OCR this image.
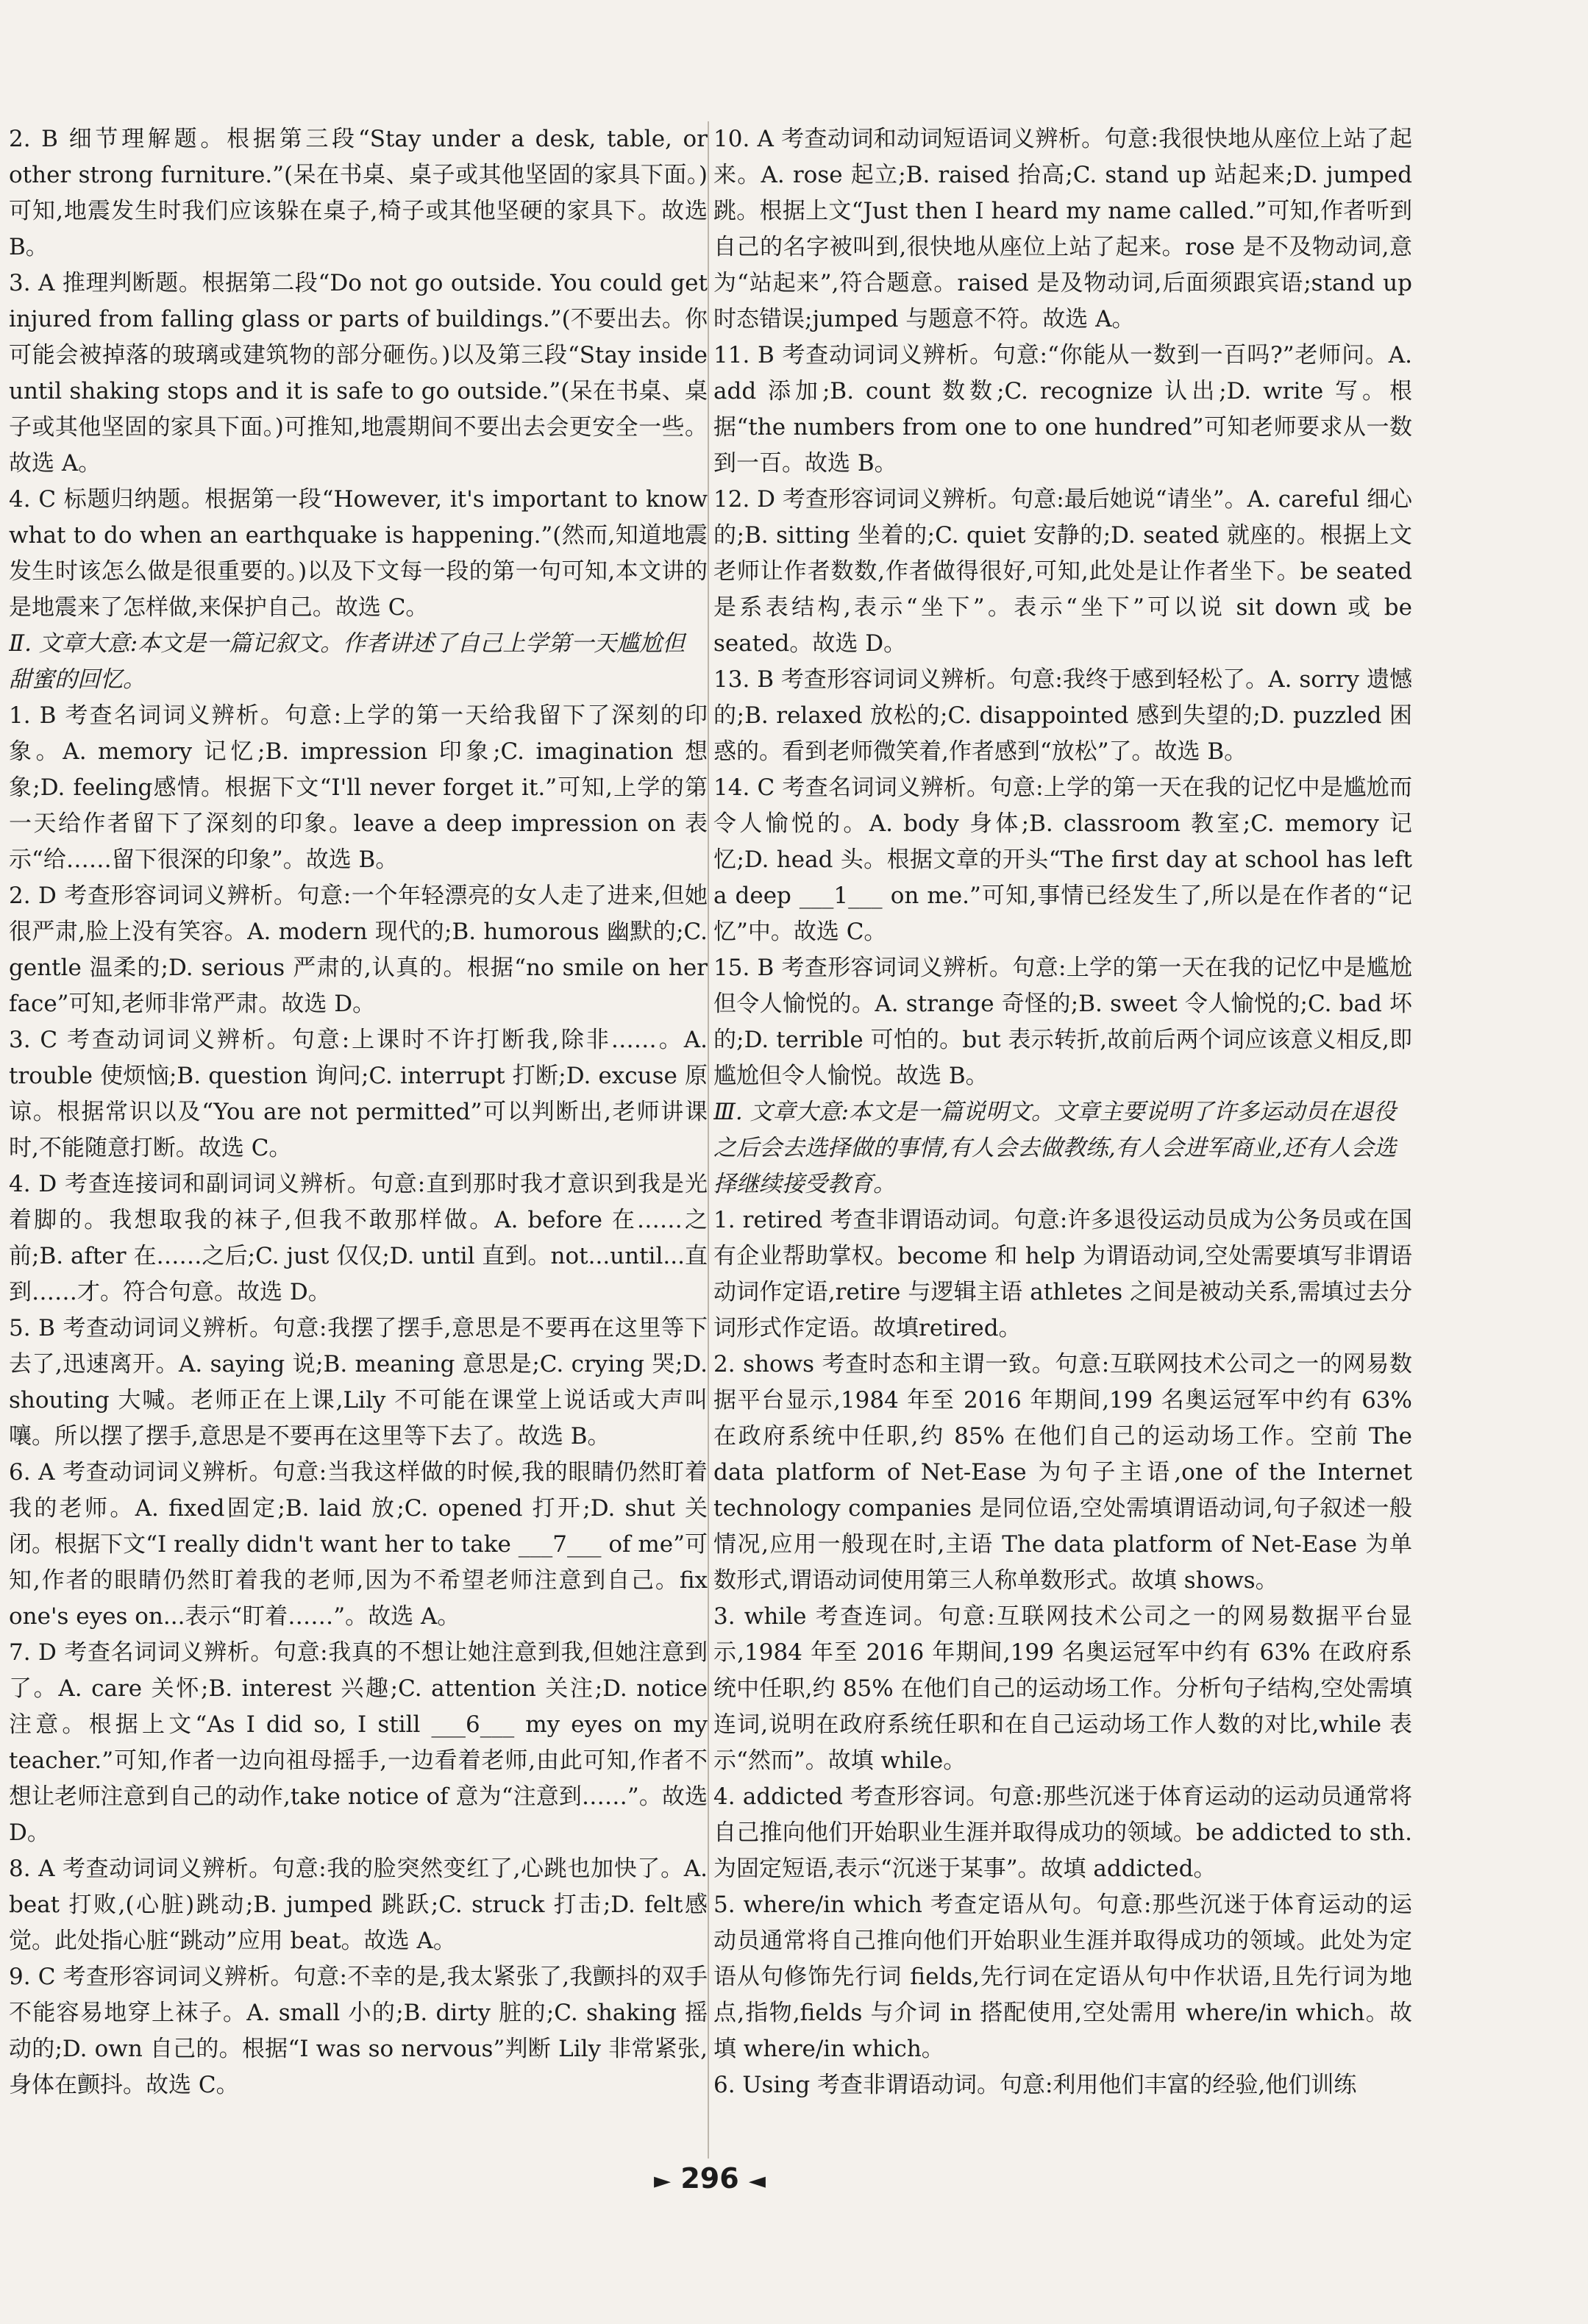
2. B 细节理解题。根据第三段“Stay under a desk, table, or other strong furniture.”(呆在书桌、桌子或其他坚固的家具下面。)可知,地震发生时我们应该躲在桌子,椅子或其他坚硬的家具下。故选 B。

3. A 推理判断题。根据第二段“Do not go outside. You could get injured from falling glass or parts of buildings.”(不要出去。你可能会被掉落的玻璃或建筑物的部分砸伤。)以及第三段“Stay inside until shaking stops and it is safe to go outside.”(呆在书桌、桌子或其他坚固的家具下面。)可推知,地震期间不要出去会更安全一些。故选 A。

4. C 标题归纳题。根据第一段“However, it's important to know what to do when an earthquake is happening.”(然而,知道地震发生时该怎么做是很重要的。)以及下文每一段的第一句可知,本文讲的是地震来了怎样做,来保护自己。故选 C。

Ⅱ. 文章大意:本文是一篇记叙文。作者讲述了自己上学第一天尴尬但甜蜜的回忆。

1. B 考查名词词义辨析。句意:上学的第一天给我留下了深刻的印象。A. memory 记忆;B. impression 印象;C. imagination 想象;D. feeling感情。根据下文“I'll never forget it.”可知,上学的第一天给作者留下了深刻的印象。leave a deep impression on 表示“给……留下很深的印象”。故选 B。

2. D 考查形容词词义辨析。句意:一个年轻漂亮的女人走了进来,但她很严肃,脸上没有笑容。A. modern 现代的;B. humorous 幽默的;C. gentle 温柔的;D. serious 严肃的,认真的。根据“no smile on her face”可知,老师非常严肃。故选 D。

3. C 考查动词词义辨析。句意:上课时不许打断我,除非……。A. trouble 使烦恼;B. question 询问;C. interrupt 打断;D. excuse 原谅。根据常识以及“You are not permitted”可以判断出,老师讲课时,不能随意打断。故选 C。

4. D 考查连接词和副词词义辨析。句意:直到那时我才意识到我是光着脚的。我想取我的袜子,但我不敢那样做。A. before 在……之前;B. after 在……之后;C. just 仅仅;D. until 直到。not...until...直到……才。符合句意。故选 D。

5. B 考查动词词义辨析。句意:我摆了摆手,意思是不要再在这里等下去了,迅速离开。A. saying 说;B. meaning 意思是;C. crying 哭;D. shouting 大喊。老师正在上课,Lily 不可能在课堂上说话或大声叫嚷。所以摆了摆手,意思是不要再在这里等下去了。故选 B。

6. A 考查动词词义辨析。句意:当我这样做的时候,我的眼睛仍然盯着我的老师。A. fixed固定;B. laid 放;C. opened 打开;D. shut 关闭。根据下文“I really didn't want her to take ___7___ of me”可知,作者的眼睛仍然盯着我的老师,因为不希望老师注意到自己。fix one's eyes on...表示“盯着……”。故选 A。

7. D 考查名词词义辨析。句意:我真的不想让她注意到我,但她注意到了。A. care 关怀;B. interest 兴趣;C. attention 关注;D. notice 注意。根据上文“As I did so, I still ___6___ my eyes on my teacher.”可知,作者一边向祖母摇手,一边看着老师,由此可知,作者不想让老师注意到自己的动作,take notice of 意为“注意到……”。故选 D。

8. A 考查动词词义辨析。句意:我的脸突然变红了,心跳也加快了。A. beat 打败,(心脏)跳动;B. jumped 跳跃;C. struck 打击;D. felt感觉。此处指心脏“跳动”应用 beat。故选 A。

9. C 考查形容词词义辨析。句意:不幸的是,我太紧张了,我颤抖的双手不能容易地穿上袜子。A. small 小的;B. dirty 脏的;C. shaking 摇动的;D. own 自己的。根据“I was so nervous”判断 Lily 非常紧张,身体在颤抖。故选 C。

10. A 考查动词和动词短语词义辨析。句意:我很快地从座位上站了起来。A. rose 起立;B. raised 抬高;C. stand up 站起来;D. jumped 跳。根据上文“Just then I heard my name called.”可知,作者听到自己的名字被叫到,很快地从座位上站了起来。rose 是不及物动词,意为“站起来”,符合题意。raised 是及物动词,后面须跟宾语;stand up 时态错误;jumped 与题意不符。故选 A。

11. B 考查动词词义辨析。句意:“你能从一数到一百吗?”老师问。A. add 添加;B. count 数数;C. recognize 认出;D. write 写。根据“the numbers from one to one hundred”可知老师要求从一数到一百。故选 B。

12. D 考查形容词词义辨析。句意:最后她说“请坐”。A. careful 细心的;B. sitting 坐着的;C. quiet 安静的;D. seated 就座的。根据上文老师让作者数数,作者做得很好,可知,此处是让作者坐下。be seated 是系表结构,表示“坐下”。表示“坐下”可以说 sit down 或 be seated。故选 D。

13. B 考查形容词词义辨析。句意:我终于感到轻松了。A. sorry 遗憾的;B. relaxed 放松的;C. disappointed 感到失望的;D. puzzled 困惑的。看到老师微笑着,作者感到“放松”了。故选 B。

14. C 考查名词词义辨析。句意:上学的第一天在我的记忆中是尴尬而令人愉悦的。A. body 身体;B. classroom 教室;C. memory 记忆;D. head 头。根据文章的开头“The first day at school has left a deep ___1___ on me.”可知,事情已经发生了,所以是在作者的“记忆”中。故选 C。

15. B 考查形容词词义辨析。句意:上学的第一天在我的记忆中是尴尬但令人愉悦的。A. strange 奇怪的;B. sweet 令人愉悦的;C. bad 坏的;D. terrible 可怕的。but 表示转折,故前后两个词应该意义相反,即尴尬但令人愉悦。故选 B。

Ⅲ. 文章大意:本文是一篇说明文。文章主要说明了许多运动员在退役之后会去选择做的事情,有人会去做教练,有人会进军商业,还有人会选择继续接受教育。

1. retired 考查非谓语动词。句意:许多退役运动员成为公务员或在国有企业帮助掌权。become 和 help 为谓语动词,空处需要填写非谓语动词作定语,retire 与逻辑主语 athletes 之间是被动关系,需填过去分词形式作定语。故填retired。

2. shows 考查时态和主谓一致。句意:互联网技术公司之一的网易数据平台显示,1984 年至 2016 年期间,199 名奥运冠军中约有 63% 在政府系统中任职,约 85% 在他们自己的运动场工作。空前 The data platform of Net-Ease 为句子主语,one of the Internet technology companies 是同位语,空处需填谓语动词,句子叙述一般情况,应用一般现在时,主语 The data platform of Net-Ease 为单数形式,谓语动词使用第三人称单数形式。故填 shows。

3. while 考查连词。句意:互联网技术公司之一的网易数据平台显示,1984 年至 2016 年期间,199 名奥运冠军中约有 63% 在政府系统中任职,约 85% 在他们自己的运动场工作。分析句子结构,空处需填连词,说明在政府系统任职和在自己运动场工作人数的对比,while 表示“然而”。故填 while。

4. addicted 考查形容词。句意:那些沉迷于体育运动的运动员通常将自己推向他们开始职业生涯并取得成功的领域。be addicted to sth. 为固定短语,表示“沉迷于某事”。故填 addicted。

5. where/in which 考查定语从句。句意:那些沉迷于体育运动的运动员通常将自己推向他们开始职业生涯并取得成功的领域。此处为定语从句修饰先行词 fields,先行词在定语从句中作状语,且先行词为地点,指物,fields 与介词 in 搭配使用,空处需用 where/in which。故填 where/in which。

6. Using 考查非谓语动词。句意:利用他们丰富的经验,他们训练

► 296 ◄
